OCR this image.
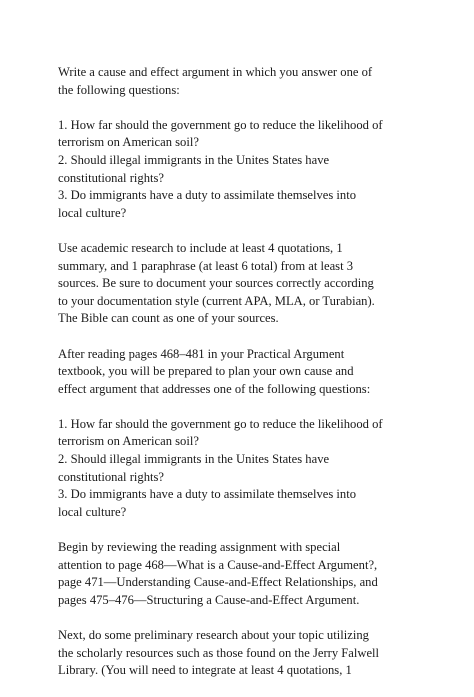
Write a cause and effect argument in which you answer one of
the following questions:
1. How far should the government go to reduce the likelihood of
terrorism on American soil?
2. Should illegal immigrants in the Unites States have
constitutional rights?
3. Do immigrants have a duty to assimilate themselves into
local culture?
Use academic research to include at least 4 quotations, 1
summary, and 1 paraphrase (at least 6 total) from at least 3
sources. Be sure to document your sources correctly according
to your documentation style (current APA, MLA, or Turabian).
The Bible can count as one of your sources.
After reading pages 468–481 in your Practical Argument
textbook, you will be prepared to plan your own cause and
effect argument that addresses one of the following questions:
1. How far should the government go to reduce the likelihood of
terrorism on American soil?
2. Should illegal immigrants in the Unites States have
constitutional rights?
3. Do immigrants have a duty to assimilate themselves into
local culture?
Begin by reviewing the reading assignment with special
attention to page 468—What is a Cause-and-Effect Argument?,
page 471—Understanding Cause-and-Effect Relationships, and
pages 475–476—Structuring a Cause-and-Effect Argument.
Next, do some preliminary research about your topic utilizing
the scholarly resources such as those found on the Jerry Falwell
Library. (You will need to integrate at least 4 quotations, 1
